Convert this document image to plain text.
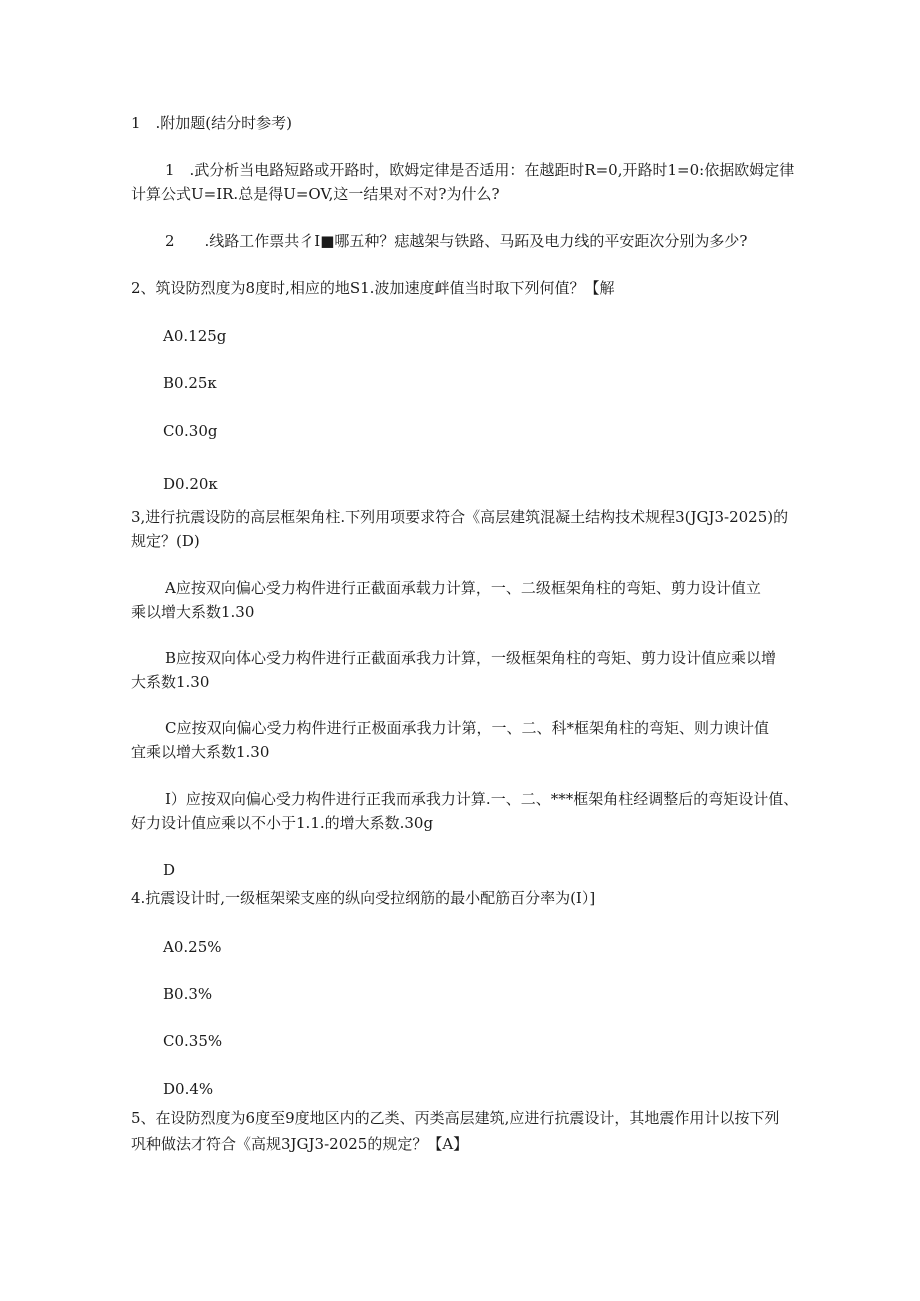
1　.附加题(结分时参考)
1　.武分析当电路短路或开路时，欧姆定律是否适用：在越距时R=0,开路时1=0:依据欧姆定律
计算公式U=IR.总是得U=OV,这一结果对不对?为什么?
2　　.线路工作票共彳I■哪五种？痣越架与铁路、马跖及电力线的平安距次分别为多少?
2、筑设防烈度为8度时,相应的地S1.波加速度衅值当时取下列何值？【解
A0.125g
B0.25κ
C0.30g
D0.20κ
3,进行抗震设防的高层框架角柱.下列用项要求符合《高层建筑混凝土结构技术规程3(JGJ3-2025)的
规定？(D)
A应按双向偏心受力构件进行正截面承载力计算，一、二级框架角柱的弯矩、剪力设计值立
乘以增大系数1.30
B应按双向体心受力构件进行正截面承我力计算，一级框架角柱的弯矩、剪力设计值应乘以增
大系数1.30
C应按双向偏心受力构件进行正极面承我力计第，一、二、科*框架角柱的弯矩、则力谀计值
宜乘以增大系数1.30
I）应按双向偏心受力构件进行正我而承我力计算.一、二、***框架角柱经调整后的弯矩设计值、
好力设计值应乘以不小于1.1.的增大系数.30g
D
4.抗震设计时,一级框架梁支座的纵向受拉纲筋的最小配筋百分率为(I）]
A0.25%
B0.3%
C0.35%
D0.4%
5、在设防烈度为6度至9度地区内的乙类、丙类高层建筑,应进行抗震设计，其地震作用计以按下列
巩种做法才符合《高规3JGJ3-2025的规定？【A】
